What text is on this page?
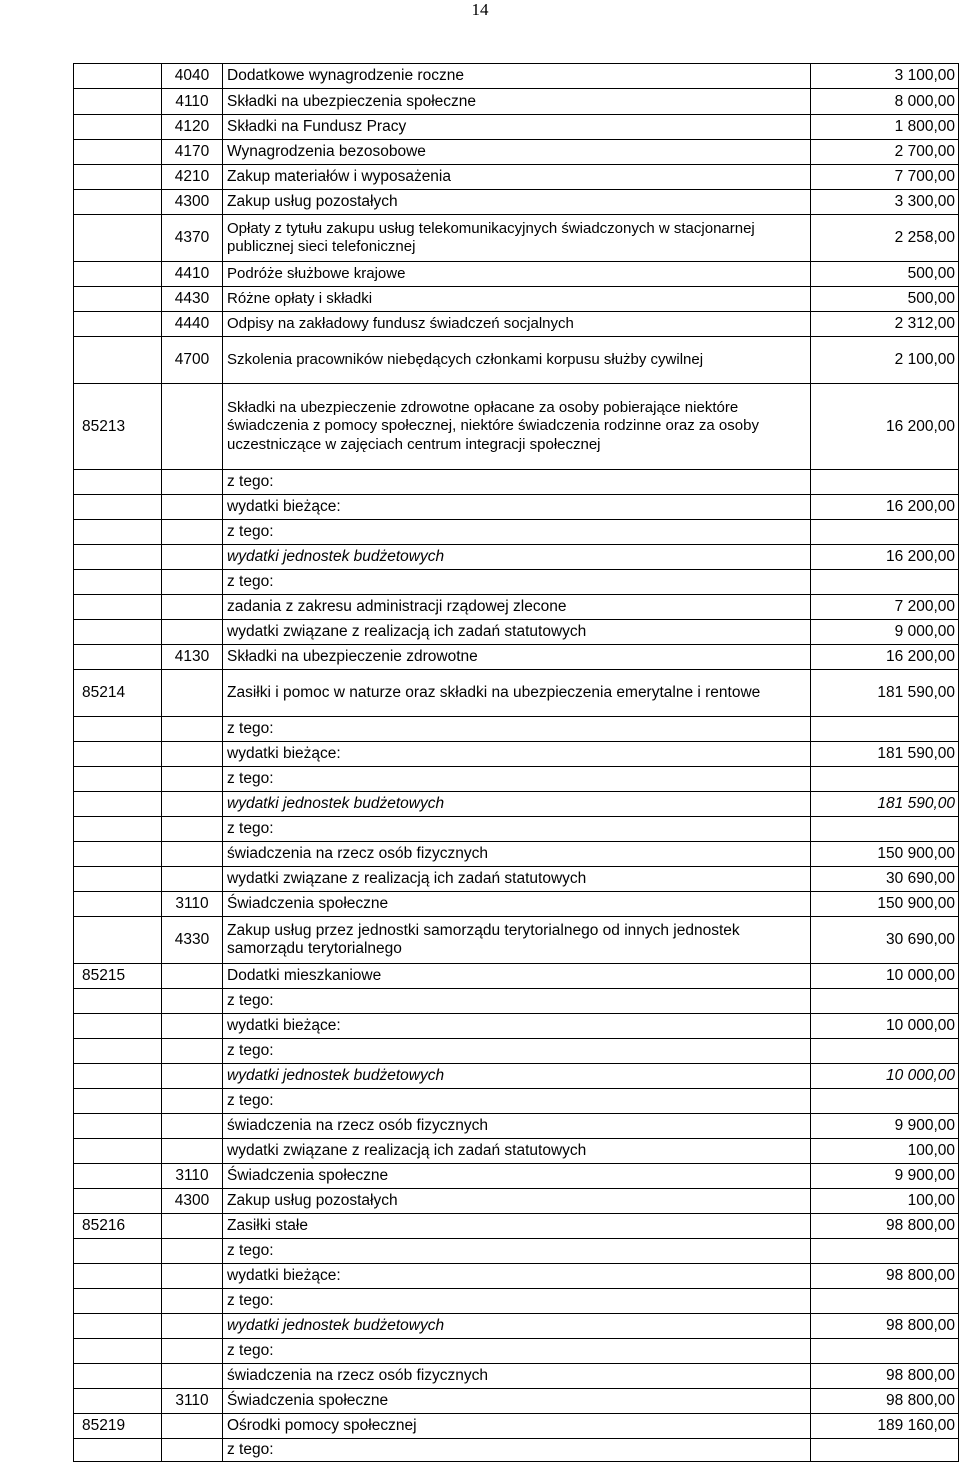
14
	4040	Dodatkowe wynagrodzenie roczne	3 100,00
	4110	Składki na ubezpieczenia społeczne	8 000,00
	4120	Składki na Fundusz Pracy	1 800,00
	4170	Wynagrodzenia bezosobowe	2 700,00
	4210	Zakup materiałów i wyposażenia	7 700,00
	4300	Zakup usług pozostałych	3 300,00
	4370	Opłaty z tytułu zakupu usług telekomunikacyjnych świadczonych w stacjonarnej publicznej sieci telefonicznej	2 258,00
	4410	Podróże służbowe krajowe	500,00
	4430	Różne opłaty i składki	500,00
	4440	Odpisy na zakładowy fundusz świadczeń socjalnych	2 312,00
	4700	Szkolenia pracowników niebędących członkami korpusu służby cywilnej	2 100,00
85213		Składki na ubezpieczenie zdrowotne opłacane za osoby pobierające niektóre świadczenia z pomocy społecznej, niektóre świadczenia rodzinne oraz za osoby uczestniczące w zajęciach centrum integracji społecznej	16 200,00
		z tego:	
		wydatki bieżące:	16 200,00
		z tego:	
		wydatki jednostek budżetowych	16 200,00
		z tego:	
		zadania z zakresu administracji rządowej zlecone	7 200,00
		wydatki związane z realizacją ich zadań statutowych	9 000,00
	4130	Składki na ubezpieczenie zdrowotne	16 200,00
85214		Zasiłki i pomoc w naturze oraz składki na ubezpieczenia emerytalne i rentowe	181 590,00
		z tego:	
		wydatki bieżące:	181 590,00
		z tego:	
		wydatki jednostek budżetowych	181 590,00
		z tego:	
		świadczenia na rzecz osób fizycznych	150 900,00
		wydatki związane z realizacją ich zadań statutowych	30 690,00
	3110	Świadczenia społeczne	150 900,00
	4330	Zakup usług przez jednostki samorządu terytorialnego od innych jednostek samorządu terytorialnego	30 690,00
85215		Dodatki mieszkaniowe	10 000,00
		z tego:	
		wydatki bieżące:	10 000,00
		z tego:	
		wydatki jednostek budżetowych	10 000,00
		z tego:	
		świadczenia na rzecz osób fizycznych	9 900,00
		wydatki związane z realizacją ich zadań statutowych	100,00
	3110	Świadczenia społeczne	9 900,00
	4300	Zakup usług pozostałych	100,00
85216		Zasiłki stałe	98 800,00
		z tego:	
		wydatki bieżące:	98 800,00
		z tego:	
		wydatki jednostek budżetowych	98 800,00
		z tego:	
		świadczenia na rzecz osób fizycznych	98 800,00
	3110	Świadczenia społeczne	98 800,00
85219		Ośrodki pomocy społecznej	189 160,00
		z tego:	
